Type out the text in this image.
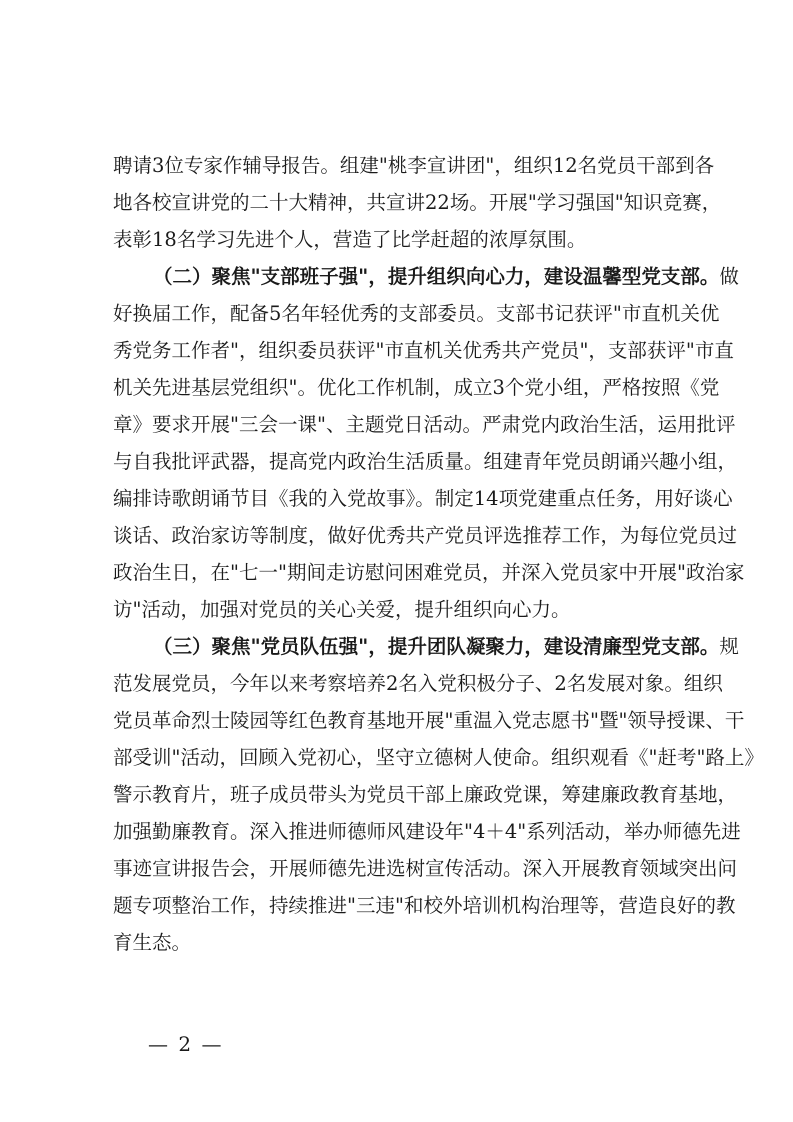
聘请3位专家作辅导报告。组建"桃李宣讲团"，组织12名党员干部到各
地各校宣讲党的二十大精神，共宣讲22场。开展"学习强国"知识竞赛，
表彰18名学习先进个人，营造了比学赶超的浓厚氛围。
（二）聚焦"支部班子强"，提升组织向心力，建设温馨型党支部。做
好换届工作，配备5名年轻优秀的支部委员。支部书记获评"市直机关优
秀党务工作者"，组织委员获评"市直机关优秀共产党员"，支部获评"市直
机关先进基层党组织"。优化工作机制，成立3个党小组，严格按照《党
章》要求开展"三会一课"、主题党日活动。严肃党内政治生活，运用批评
与自我批评武器，提高党内政治生活质量。组建青年党员朗诵兴趣小组，
编排诗歌朗诵节目《我的入党故事》。制定14项党建重点任务，用好谈心
谈话、政治家访等制度，做好优秀共产党员评选推荐工作，为每位党员过
政治生日，在"七一"期间走访慰问困难党员，并深入党员家中开展"政治家
访"活动，加强对党员的关心关爱，提升组织向心力。
（三）聚焦"党员队伍强"，提升团队凝聚力，建设清廉型党支部。规
范发展党员，今年以来考察培养2名入党积极分子、2名发展对象。组织
党员革命烈士陵园等红色教育基地开展"重温入党志愿书"暨"领导授课、干
部受训"活动，回顾入党初心，坚守立德树人使命。组织观看《"赶考"路上》
警示教育片，班子成员带头为党员干部上廉政党课，筹建廉政教育基地，
加强勤廉教育。深入推进师德师风建设年"4＋4"系列活动，举办师德先进
事迹宣讲报告会，开展师德先进选树宣传活动。深入开展教育领域突出问
题专项整治工作，持续推进"三违"和校外培训机构治理等，营造良好的教
育生态。
— 2 —
